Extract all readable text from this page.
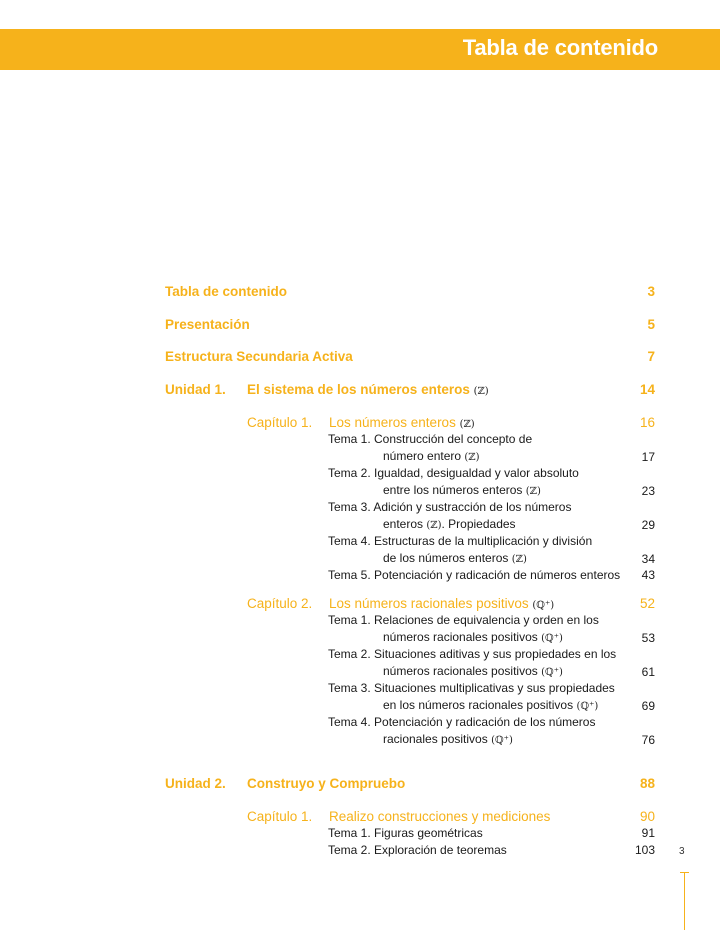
Tabla de contenido
Tabla de contenido	3
Presentación	5
Estructura Secundaria Activa	7
Unidad 1. El sistema de los números enteros (ℤ)	14
Capítulo 1. Los números enteros (ℤ)	16
Tema 1. Construcción del concepto de
número entero (ℤ)	17
Tema 2. Igualdad, desigualdad y valor absoluto
entre los números enteros (ℤ)	23
Tema 3. Adición y sustracción de los números
enteros (ℤ). Propiedades	29
Tema 4. Estructuras de la multiplicación y división
de los números enteros (ℤ)	34
Tema 5. Potenciación y radicación de números enteros	43
Capítulo 2. Los números racionales positivos (ℚ⁺)	52
Tema 1. Relaciones de equivalencia y orden en los
números racionales positivos (ℚ⁺)	53
Tema 2. Situaciones aditivas y sus propiedades en los
números racionales positivos (ℚ⁺)	61
Tema 3. Situaciones multiplicativas y sus propiedades
en los números racionales positivos (ℚ⁺)	69
Tema 4. Potenciación y radicación de los números
racionales positivos (ℚ⁺)	76
Unidad 2. Construyo y Compruebo	88
Capítulo 1. Realizo construcciones y mediciones	90
Tema 1. Figuras geométricas	91
Tema 2. Exploración de teoremas	103 3
